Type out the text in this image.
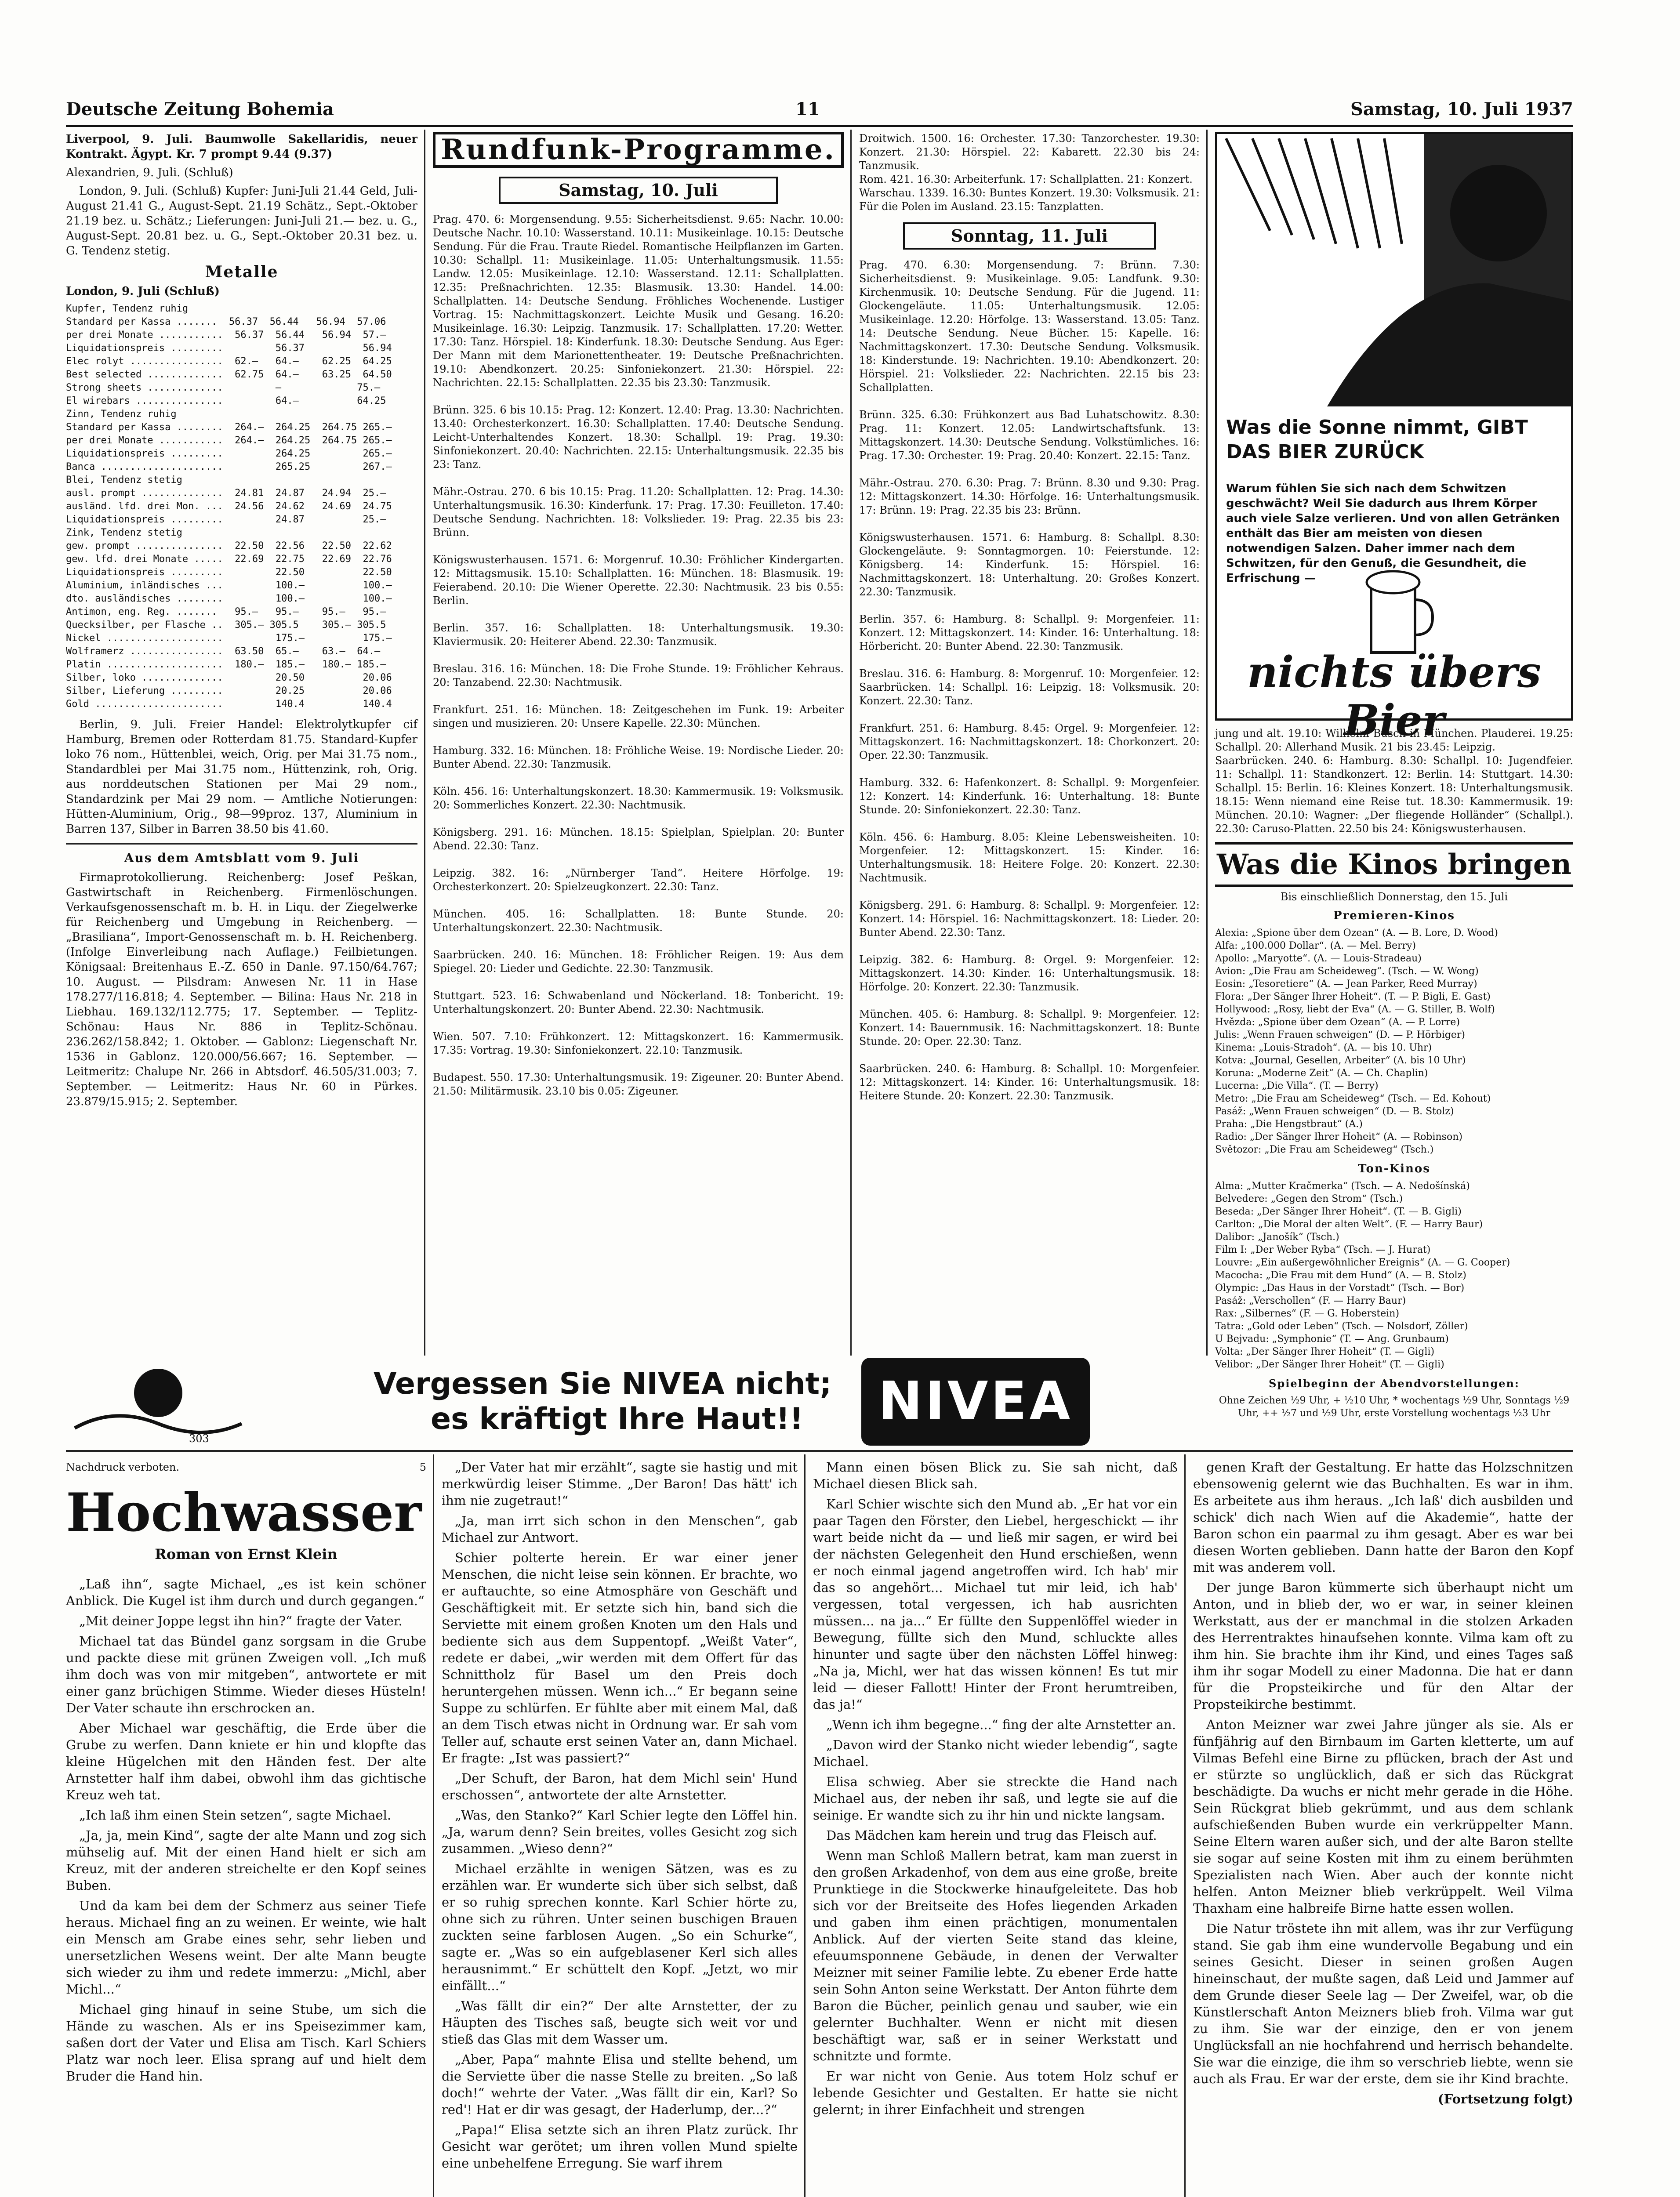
Deutsche Zeitung Bohemia	11	Samstag, 10. Juli 1937

Liverpool, 9. Juli. Baumwolle Sakellaridis, neuer Kontrakt. Ägypt. Kr. 7 prompt 9.44 (9.37)

Alexandrien, 9. Juli. (Schluß)

London, 9. Juli. (Schluß) Kupfer: Juni-Juli 21.44 Geld, Juli-August 21.41 G., August-Sept. 21.19 Schätz., Sept.-Oktober 21.19 bez. u. Schätz.; Lieferungen: Juni-Juli 21.— bez. u. G., August-Sept. 20.81 bez. u. G., Sept.-Oktober 20.31 bez. u. G. Tendenz stetig.

Metalle

London, 9. Juli (Schluß)

Kupfer, Tendenz ruhig
Standard per Kassa .......  56.37  56.44   56.94  57.06
per drei Monate ...........  56.37  56.44   56.94  57.—
Liquidationspreis .........         56.37          56.94
Elec rolyt ................  62.—   64.—    62.25  64.25
Best selected .............  62.75  64.—    63.25  64.50
Strong sheets .............         —             75.—
El wirebars ...............         64.—          64.25
Zinn, Tendenz ruhig
Standard per Kassa ........  264.—  264.25  264.75 265.—
per drei Monate ...........  264.—  264.25  264.75 265.—
Liquidationspreis .........         264.25         265.—
Banca .....................         265.25         267.—
Blei, Tendenz stetig
ausl. prompt ..............  24.81  24.87   24.94  25.—
ausländ. lfd. drei Mon. ...  24.56  24.62   24.69  24.75
Liquidationspreis .........         24.87          25.—
Zink, Tendenz stetig
gew. prompt ...............  22.50  22.56   22.50  22.62
gew. lfd. drei Monate .....  22.69  22.75   22.69  22.76
Liquidationspreis .........         22.50          22.50
Aluminium, inländisches ...         100.—          100.—
dto. ausländisches ........         100.—          100.—
Antimon, eng. Reg. .......   95.—   95.—    95.—   95.—
Quecksilber, per Flasche ..  305.— 305.5    305.— 305.5
Nickel ....................         175.—          175.—
Wolframerz ................  63.50  65.—    63.—  64.—
Platin ....................  180.—  185.—   180.— 185.—
Silber, loko ..............         20.50          20.06
Silber, Lieferung .........         20.25          20.06
Gold ......................         140.4          140.4

Berlin, 9. Juli. Freier Handel: Elektrolytkupfer cif Hamburg, Bremen oder Rotterdam 81.75. Standard-Kupfer loko 76 nom., Hüttenblei, weich, Orig. per Mai 31.75 nom., Standardblei per Mai 31.75 nom., Hüttenzink, roh, Orig. aus norddeutschen Stationen per Mai 29 nom., Standardzink per Mai 29 nom. — Amtliche Notierungen: Hütten-Aluminium, Orig., 98—99proz. 137, Aluminium in Barren 137, Silber in Barren 38.50 bis 41.60.

Aus dem Amtsblatt vom 9. Juli

Firmaprotokollierung. Reichenberg: Josef Peškan, Gastwirtschaft in Reichenberg. Firmenlöschungen. Verkaufsgenossenschaft m. b. H. in Liqu. der Ziegelwerke für Reichenberg und Umgebung in Reichenberg. — „Brasiliana“, Import-Genossenschaft m. b. H. Reichenberg. (Infolge Einverleibung nach Auflage.) Feilbietungen. Königsaal: Breitenhaus E.-Z. 650 in Danle. 97.150/64.767; 10. August. — Pilsdram: Anwesen Nr. 11 in Hase 178.277/116.818; 4. September. — Bilina: Haus Nr. 218 in Liebhau. 169.132/112.775; 17. September. — Teplitz-Schönau: Haus Nr. 886 in Teplitz-Schönau. 236.262/158.842; 1. Oktober. — Gablonz: Liegenschaft Nr. 1536 in Gablonz. 120.000/56.667; 16. September. — Leitmeritz: Chalupe Nr. 266 in Abtsdorf. 46.505/31.003; 7. September. — Leitmeritz: Haus Nr. 60 in Pürkes. 23.879/15.915; 2. September.

Rundfunk-Programme.
Samstag, 10. Juli
Prag. 470. 6: Morgensendung. 9.55: Sicherheitsdienst. 9.65: Nachr. 10.00: Deutsche Nachr. 10.10: Wasserstand. 10.11: Musikeinlage. 10.15: Deutsche Sendung. Für die Frau. Traute Riedel. Romantische Heilpflanzen im Garten. 10.30: Schallpl. 11: Musikeinlage. 11.05: Unterhaltungsmusik. 11.55: Landw. 12.05: Musikeinlage. 12.10: Wasserstand. 12.11: Schallplatten. 12.35: Preßnachrichten. 12.35: Blasmusik. 13.30: Handel. 14.00: Schallplatten. 14: Deutsche Sendung. Fröhliches Wochenende. Lustiger Vortrag. 15: Nachmittagskonzert. Leichte Musik und Gesang. 16.20: Musikeinlage. 16.30: Leipzig. Tanzmusik. 17: Schallplatten. 17.20: Wetter. 17.30: Tanz. Hörspiel. 18: Kinderfunk. 18.30: Deutsche Sendung. Aus Eger: Der Mann mit dem Marionettentheater. 19: Deutsche Preßnachrichten. 19.10: Abendkonzert. 20.25: Sinfoniekonzert. 21.30: Hörspiel. 22: Nachrichten. 22.15: Schallplatten. 22.35 bis 23.30: Tanzmusik.

Brünn. 325. 6 bis 10.15: Prag. 12: Konzert. 12.40: Prag. 13.30: Nachrichten. 13.40: Orchesterkonzert. 16.30: Schallplatten. 17.40: Deutsche Sendung. Leicht-Unterhaltendes Konzert. 18.30: Schallpl. 19: Prag. 19.30: Sinfoniekonzert. 20.40: Nachrichten. 22.15: Unterhaltungsmusik. 22.35 bis 23: Tanz.

Mähr.-Ostrau. 270. 6 bis 10.15: Prag. 11.20: Schallplatten. 12: Prag. 14.30: Unterhaltungsmusik. 16.30: Kinderfunk. 17: Prag. 17.30: Feuilleton. 17.40: Deutsche Sendung. Nachrichten. 18: Volkslieder. 19: Prag. 22.35 bis 23: Brünn.

Königswusterhausen. 1571. 6: Morgenruf. 10.30: Fröhlicher Kindergarten. 12: Mittagsmusik. 15.10: Schallplatten. 16: München. 18: Blasmusik. 19: Feierabend. 20.10: Die Wiener Operette. 22.30: Nachtmusik. 23 bis 0.55: Berlin.

Berlin. 357. 16: Schallplatten. 18: Unterhaltungsmusik. 19.30: Klaviermusik. 20: Heiterer Abend. 22.30: Tanzmusik.

Breslau. 316. 16: München. 18: Die Frohe Stunde. 19: Fröhlicher Kehraus. 20: Tanzabend. 22.30: Nachtmusik.

Frankfurt. 251. 16: München. 18: Zeitgeschehen im Funk. 19: Arbeiter singen und musizieren. 20: Unsere Kapelle. 22.30: München.

Hamburg. 332. 16: München. 18: Fröhliche Weise. 19: Nordische Lieder. 20: Bunter Abend. 22.30: Tanzmusik.

Köln. 456. 16: Unterhaltungskonzert. 18.30: Kammermusik. 19: Volksmusik. 20: Sommerliches Konzert. 22.30: Nachtmusik.

Königsberg. 291. 16: München. 18.15: Spielplan, Spielplan. 20: Bunter Abend. 22.30: Tanz.

Leipzig. 382. 16: „Nürnberger Tand“. Heitere Hörfolge. 19: Orchesterkonzert. 20: Spielzeugkonzert. 22.30: Tanz.

München. 405. 16: Schallplatten. 18: Bunte Stunde. 20: Unterhaltungskonzert. 22.30: Nachtmusik.

Saarbrücken. 240. 16: München. 18: Fröhlicher Reigen. 19: Aus dem Spiegel. 20: Lieder und Gedichte. 22.30: Tanzmusik.

Stuttgart. 523. 16: Schwabenland und Nöckerland. 18: Tonbericht. 19: Unterhaltungskonzert. 20: Bunter Abend. 22.30: Nachtmusik.

Wien. 507. 7.10: Frühkonzert. 12: Mittagskonzert. 16: Kammermusik. 17.35: Vortrag. 19.30: Sinfoniekonzert. 22.10: Tanzmusik.

Budapest. 550. 17.30: Unterhaltungsmusik. 19: Zigeuner. 20: Bunter Abend. 21.50: Militärmusik. 23.10 bis 0.05: Zigeuner.
Droitwich. 1500. 16: Orchester. 17.30: Tanzorchester. 19.30: Konzert. 21.30: Hörspiel. 22: Kabarett. 22.30 bis 24: Tanzmusik.
Rom. 421. 16.30: Arbeiterfunk. 17: Schallplatten. 21: Konzert.
Warschau. 1339. 16.30: Buntes Konzert. 19.30: Volksmusik. 21: Für die Polen im Ausland. 23.15: Tanzplatten.
Sonntag, 11. Juli
Prag. 470. 6.30: Morgensendung. 7: Brünn. 7.30: Sicherheitsdienst. 9: Musikeinlage. 9.05: Landfunk. 9.30: Kirchenmusik. 10: Deutsche Sendung. Für die Jugend. 11: Glockengeläute. 11.05: Unterhaltungsmusik. 12.05: Musikeinlage. 12.20: Hörfolge. 13: Wasserstand. 13.05: Tanz. 14: Deutsche Sendung. Neue Bücher. 15: Kapelle. 16: Nachmittagskonzert. 17.30: Deutsche Sendung. Volksmusik. 18: Kinderstunde. 19: Nachrichten. 19.10: Abendkonzert. 20: Hörspiel. 21: Volkslieder. 22: Nachrichten. 22.15 bis 23: Schallplatten.

Brünn. 325. 6.30: Frühkonzert aus Bad Luhatschowitz. 8.30: Prag. 11: Konzert. 12.05: Landwirtschaftsfunk. 13: Mittagskonzert. 14.30: Deutsche Sendung. Volkstümliches. 16: Prag. 17.30: Orchester. 19: Prag. 20.40: Konzert. 22.15: Tanz.

Mähr.-Ostrau. 270. 6.30: Prag. 7: Brünn. 8.30 und 9.30: Prag. 12: Mittagskonzert. 14.30: Hörfolge. 16: Unterhaltungsmusik. 17: Brünn. 19: Prag. 22.35 bis 23: Brünn.

Königswusterhausen. 1571. 6: Hamburg. 8: Schallpl. 8.30: Glockengeläute. 9: Sonntagmorgen. 10: Feierstunde. 12: Königsberg. 14: Kinderfunk. 15: Hörspiel. 16: Nachmittagskonzert. 18: Unterhaltung. 20: Großes Konzert. 22.30: Tanzmusik.

Berlin. 357. 6: Hamburg. 8: Schallpl. 9: Morgenfeier. 11: Konzert. 12: Mittagskonzert. 14: Kinder. 16: Unterhaltung. 18: Hörbericht. 20: Bunter Abend. 22.30: Tanzmusik.

Breslau. 316. 6: Hamburg. 8: Morgenruf. 10: Morgenfeier. 12: Saarbrücken. 14: Schallpl. 16: Leipzig. 18: Volksmusik. 20: Konzert. 22.30: Tanz.

Frankfurt. 251. 6: Hamburg. 8.45: Orgel. 9: Morgenfeier. 12: Mittagskonzert. 16: Nachmittagskonzert. 18: Chorkonzert. 20: Oper. 22.30: Tanzmusik.

Hamburg. 332. 6: Hafenkonzert. 8: Schallpl. 9: Morgenfeier. 12: Konzert. 14: Kinderfunk. 16: Unterhaltung. 18: Bunte Stunde. 20: Sinfoniekonzert. 22.30: Tanz.

Köln. 456. 6: Hamburg. 8.05: Kleine Lebensweisheiten. 10: Morgenfeier. 12: Mittagskonzert. 15: Kinder. 16: Unterhaltungsmusik. 18: Heitere Folge. 20: Konzert. 22.30: Nachtmusik.

Königsberg. 291. 6: Hamburg. 8: Schallpl. 9: Morgenfeier. 12: Konzert. 14: Hörspiel. 16: Nachmittagskonzert. 18: Lieder. 20: Bunter Abend. 22.30: Tanz.

Leipzig. 382. 6: Hamburg. 8: Orgel. 9: Morgenfeier. 12: Mittagskonzert. 14.30: Kinder. 16: Unterhaltungsmusik. 18: Hörfolge. 20: Konzert. 22.30: Tanzmusik.

München. 405. 6: Hamburg. 8: Schallpl. 9: Morgenfeier. 12: Konzert. 14: Bauernmusik. 16: Nachmittagskonzert. 18: Bunte Stunde. 20: Oper. 22.30: Tanz.

Saarbrücken. 240. 6: Hamburg. 8: Schallpl. 10: Morgenfeier. 12: Mittagskonzert. 14: Kinder. 16: Unterhaltungsmusik. 18: Heitere Stunde. 20: Konzert. 22.30: Tanzmusik.
Was die Sonne nimmt, GIBT DAS BIER ZURÜCK
Warum fühlen Sie sich nach dem Schwitzen geschwächt? Weil Sie dadurch aus Ihrem Körper auch viele Salze verlieren. Und von allen Getränken enthält das Bier am meisten von diesen notwendigen Salzen. Daher immer nach dem Schwitzen, für den Genuß, die Gesundheit, die Erfrischung —
nichts übers Bier
jung und alt. 19.10: Wilhelm Busch in München. Plauderei. 19.25: Schallpl. 20: Allerhand Musik. 21 bis 23.45: Leipzig.
Saarbrücken. 240. 6: Hamburg. 8.30: Schallpl. 10: Jugendfeier. 11: Schallpl. 11: Standkonzert. 12: Berlin. 14: Stuttgart. 14.30: Schallpl. 15: Berlin. 16: Kleines Konzert. 18: Unterhaltungsmusik. 18.15: Wenn niemand eine Reise tut. 18.30: Kammermusik. 19: München. 20.10: Wagner: „Der fliegende Holländer“ (Schallpl.). 22.30: Caruso-Platten. 22.50 bis 24: Königswusterhausen.
Was die Kinos bringen
Bis einschließlich Donnerstag, den 15. Juli
Premieren-Kinos
Alexia: „Spione über dem Ozean“ (A. — B. Lore, D. Wood)
Alfa: „100.000 Dollar“. (A. — Mel. Berry)
Apollo: „Maryotte“. (A. — Louis-Stradeau)
Avion: „Die Frau am Scheideweg“. (Tsch. — W. Wong)
Eosin: „Tesoretiere“ (A. — Jean Parker, Reed Murray)
Flora: „Der Sänger Ihrer Hoheit“. (T. — P. Bigli, E. Gast)
Hollywood: „Rosy, liebt der Eva“ (A. — G. Stiller, B. Wolf)
Hvězda: „Spione über dem Ozean“ (A. — P. Lorre)
Julis: „Wenn Frauen schweigen“ (D. — P. Hörbiger)
Kinema: „Louis-Stradoh“. (A. — bis 10. Uhr)
Kotva: „Journal, Gesellen, Arbeiter“ (A. bis 10 Uhr)
Koruna: „Moderne Zeit“ (A. — Ch. Chaplin)
Lucerna: „Die Villa“. (T. — Berry)
Metro: „Die Frau am Scheideweg“ (Tsch. — Ed. Kohout)
Pasáž: „Wenn Frauen schweigen“ (D. — B. Stolz)
Praha: „Die Hengstbraut“ (A.)
Radio: „Der Sänger Ihrer Hoheit“ (A. — Robinson)
Světozor: „Die Frau am Scheideweg“ (Tsch.)
Ton-Kinos
Alma: „Mutter Kračmerka“ (Tsch. — A. Nedošínská)
Belvedere: „Gegen den Strom“ (Tsch.)
Beseda: „Der Sänger Ihrer Hoheit“. (T. — B. Gigli)
Carlton: „Die Moral der alten Welt“. (F. — Harry Baur)
Dalibor: „Janošík“ (Tsch.)
Film I: „Der Weber Ryba“ (Tsch. — J. Hurat)
Louvre: „Ein außergewöhnlicher Ereignis“ (A. — G. Cooper)
Macocha: „Die Frau mit dem Hund“ (A. — B. Stolz)
Olympic: „Das Haus in der Vorstadt“ (Tsch. — Bor)
Pasáž: „Verschollen“ (F. — Harry Baur)
Rax: „Silbernes“ (F. — G. Hoberstein)
Tatra: „Gold oder Leben“ (Tsch. — Nolsdorf, Zöller)
U Bejvadu: „Symphonie“ (T. — Ang. Grunbaum)
Volta: „Der Sänger Ihrer Hoheit“ (T. — Gigli)
Velibor: „Der Sänger Ihrer Hoheit“ (T. — Gigli)
Spielbeginn der Abendvorstellungen:
Ohne Zeichen ½9 Uhr, + ½10 Uhr, * wochentags ½9 Uhr, Sonntags ½9 Uhr, ++ ½7 und ½9 Uhr, erste Vorstellung wochentags ½3 Uhr
303
Vergessen Sie NIVEA nicht;
es kräftigt Ihre Haut!!	NIVEA
Nachdruck verboten.	5
Hochwasser
Roman von Ernst Klein

„Laß ihn“, sagte Michael, „es ist kein schöner Anblick. Die Kugel ist ihm durch und durch gegangen.“

„Mit deiner Joppe legst ihn hin?“ fragte der Vater.

Michael tat das Bündel ganz sorgsam in die Grube und packte diese mit grünen Zweigen voll. „Ich muß ihm doch was von mir mitgeben“, antwortete er mit einer ganz brüchigen Stimme. Wieder dieses Hüsteln! Der Vater schaute ihn erschrocken an.

Aber Michael war geschäftig, die Erde über die Grube zu werfen. Dann kniete er hin und klopfte das kleine Hügelchen mit den Händen fest. Der alte Arnstetter half ihm dabei, obwohl ihm das gichtische Kreuz weh tat.

„Ich laß ihm einen Stein setzen“, sagte Michael.

„Ja, ja, mein Kind“, sagte der alte Mann und zog sich mühselig auf. Mit der einen Hand hielt er sich am Kreuz, mit der anderen streichelte er den Kopf seines Buben.

Und da kam bei dem der Schmerz aus seiner Tiefe heraus. Michael fing an zu weinen. Er weinte, wie halt ein Mensch am Grabe eines sehr, sehr lieben und unersetzlichen Wesens weint. Der alte Mann beugte sich wieder zu ihm und redete immerzu: „Michl, aber Michl...“

Michael ging hinauf in seine Stube, um sich die Hände zu waschen. Als er ins Speisezimmer kam, saßen dort der Vater und Elisa am Tisch. Karl Schiers Platz war noch leer. Elisa sprang auf und hielt dem Bruder die Hand hin.

„Der Vater hat mir erzählt“, sagte sie hastig und mit merkwürdig leiser Stimme. „Der Baron! Das hätt' ich ihm nie zugetraut!“

„Ja, man irrt sich schon in den Menschen“, gab Michael zur Antwort.

Schier polterte herein. Er war einer jener Menschen, die nicht leise sein können. Er brachte, wo er auftauchte, so eine Atmosphäre von Geschäft und Geschäftigkeit mit. Er setzte sich hin, band sich die Serviette mit einem großen Knoten um den Hals und bediente sich aus dem Suppentopf. „Weißt Vater“, redete er dabei, „wir werden mit dem Offert für das Schnittholz für Basel um den Preis doch heruntergehen müssen. Wenn ich...“ Er begann seine Suppe zu schlürfen. Er fühlte aber mit einem Mal, daß an dem Tisch etwas nicht in Ordnung war. Er sah vom Teller auf, schaute erst seinen Vater an, dann Michael. Er fragte: „Ist was passiert?“

„Der Schuft, der Baron, hat dem Michl sein' Hund erschossen“, antwortete der alte Arnstetter.

„Was, den Stanko?“ Karl Schier legte den Löffel hin. „Ja, warum denn? Sein breites, volles Gesicht zog sich zusammen. „Wieso denn?“

Michael erzählte in wenigen Sätzen, was es zu erzählen war. Er wunderte sich über sich selbst, daß er so ruhig sprechen konnte. Karl Schier hörte zu, ohne sich zu rühren. Unter seinen buschigen Brauen zuckten seine farblosen Augen. „So ein Schurke“, sagte er. „Was so ein aufgeblasener Kerl sich alles herausnimmt.“ Er schüttelt den Kopf. „Jetzt, wo mir einfällt...“

„Was fällt dir ein?“ Der alte Arnstetter, der zu Häupten des Tisches saß, beugte sich weit vor und stieß das Glas mit dem Wasser um.

„Aber, Papa“ mahnte Elisa und stellte behend, um die Serviette über die nasse Stelle zu breiten. „So laß doch!“ wehrte der Vater. „Was fällt dir ein, Karl? So red'! Hat er dir was gesagt, der Haderlump, der...?“

„Papa!“ Elisa setzte sich an ihren Platz zurück. Ihr Gesicht war gerötet; um ihren vollen Mund spielte eine unbehelfene Erregung. Sie warf ihrem

Mann einen bösen Blick zu. Sie sah nicht, daß Michael diesen Blick sah.

Karl Schier wischte sich den Mund ab. „Er hat vor ein paar Tagen den Förster, den Liebel, hergeschickt — ihr wart beide nicht da — und ließ mir sagen, er wird bei der nächsten Gelegenheit den Hund erschießen, wenn er noch einmal jagend angetroffen wird. Ich hab' mir das so angehört... Michael tut mir leid, ich hab' vergessen, total vergessen, ich hab ausrichten müssen... na ja...“ Er füllte den Suppenlöffel wieder in Bewegung, füllte sich den Mund, schluckte alles hinunter und sagte über den nächsten Löffel hinweg: „Na ja, Michl, wer hat das wissen können! Es tut mir leid — dieser Fallott! Hinter der Front herumtreiben, das ja!“

„Wenn ich ihm begegne...“ fing der alte Arnstetter an.

„Davon wird der Stanko nicht wieder lebendig“, sagte Michael.

Elisa schwieg. Aber sie streckte die Hand nach Michael aus, der neben ihr saß, und legte sie auf die seinige. Er wandte sich zu ihr hin und nickte langsam.

Das Mädchen kam herein und trug das Fleisch auf.

Wenn man Schloß Mallern betrat, kam man zuerst in den großen Arkadenhof, von dem aus eine große, breite Prunktiege in die Stockwerke hinaufgeleitete. Das hob sich vor der Breitseite des Hofes liegenden Arkaden und gaben ihm einen prächtigen, monumentalen Anblick. Auf der vierten Seite stand das kleine, efeuumsponnene Gebäude, in denen der Verwalter Meizner mit seiner Familie lebte. Zu ebener Erde hatte sein Sohn Anton seine Werkstatt. Der Anton führte dem Baron die Bücher, peinlich genau und sauber, wie ein gelernter Buchhalter. Wenn er nicht mit diesen beschäftigt war, saß er in seiner Werkstatt und schnitzte und formte.

Er war nicht von Genie. Aus totem Holz schuf er lebende Gesichter und Gestalten. Er hatte sie nicht gelernt; in ihrer Einfachheit und strengen

genen Kraft der Gestaltung. Er hatte das Holzschnitzen ebensowenig gelernt wie das Buchhalten. Es war in ihm. Es arbeitete aus ihm heraus. „Ich laß' dich ausbilden und schick' dich nach Wien auf die Akademie“, hatte der Baron schon ein paarmal zu ihm gesagt. Aber es war bei diesen Worten geblieben. Dann hatte der Baron den Kopf mit was anderem voll.

Der junge Baron kümmerte sich überhaupt nicht um Anton, und in blieb der, wo er war, in seiner kleinen Werkstatt, aus der er manchmal in die stolzen Arkaden des Herrentraktes hinaufsehen konnte. Vilma kam oft zu ihm hin. Sie brachte ihm ihr Kind, und eines Tages saß ihm ihr sogar Modell zu einer Madonna. Die hat er dann für die Propsteikirche und für den Altar der Propsteikirche bestimmt.

Anton Meizner war zwei Jahre jünger als sie. Als er fünfjährig auf den Birnbaum im Garten kletterte, um auf Vilmas Befehl eine Birne zu pflücken, brach der Ast und er stürzte so unglücklich, daß er sich das Rückgrat beschädigte. Da wuchs er nicht mehr gerade in die Höhe. Sein Rückgrat blieb gekrümmt, und aus dem schlank aufschießenden Buben wurde ein verkrüppelter Mann. Seine Eltern waren außer sich, und der alte Baron stellte sie sogar auf seine Kosten mit ihm zu einem berühmten Spezialisten nach Wien. Aber auch der konnte nicht helfen. Anton Meizner blieb verkrüppelt. Weil Vilma Thaxham eine halbreife Birne hatte essen wollen.

Die Natur tröstete ihn mit allem, was ihr zur Verfügung stand. Sie gab ihm eine wundervolle Begabung und ein seines Gesicht. Dieser in seinen großen Augen hineinschaut, der mußte sagen, daß Leid und Jammer auf dem Grunde dieser Seele lag — Der Zweifel, war, ob die Künstlerschaft Anton Meizners blieb froh. Vilma war gut zu ihm. Sie war der einzige, den er von jenem Unglücksfall an nie hochfahrend und herrisch behandelte. Sie war die einzige, die ihm so verschrieb liebte, wenn sie auch als Frau. Er war der erste, dem sie ihr Kind brachte.

(Fortsetzung folgt)
